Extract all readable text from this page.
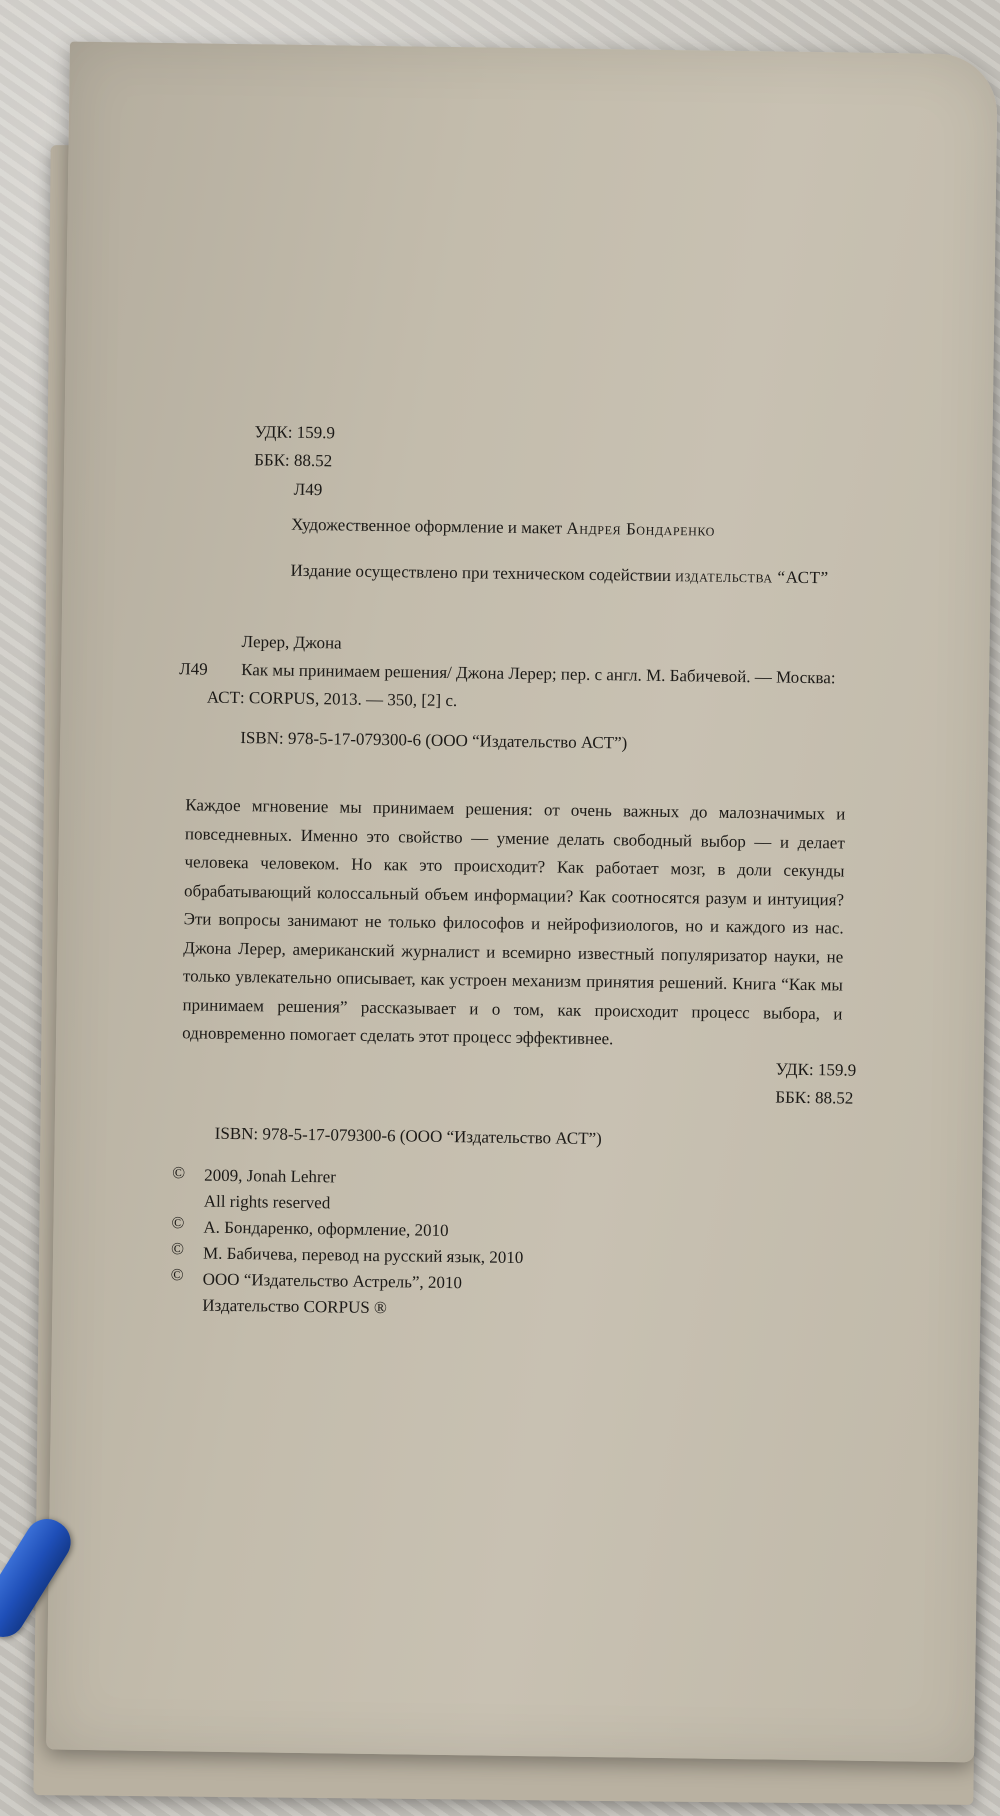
УДК: 159.9
ББК: 88.52
Л49
Художественное оформление и макет Андрея Бондаренко
Издание осуществлено при техническом содействии издательства “АСТ”
Лерер, Джона
Л49 Как мы принимаем решения/ Джона Лерер; пер. с англ. М. Бабичевой. — Москва:
АСТ: CORPUS, 2013. — 350, [2] с.
ISBN: 978-5-17-079300-6 (ООО “Издательство АСТ”)
Каждое мгновение мы принимаем решения: от очень важных до малозначимых и повседневных. Именно это свойство — умение делать свободный выбор — и делает человека человеком. Но как это происходит? Как работает мозг, в доли секунды обрабатывающий колоссальный объем информации? Как соотносятся разум и интуиция? Эти вопросы занимают не только философов и нейрофизиологов, но и каждого из нас. Джона Лерер, американский журналист и всемирно известный популяризатор науки, не только увлекательно описывает, как устроен механизм принятия решений. Книга “Как мы принимаем решения” рассказывает и о том, как происходит процесс выбора, и одновременно помогает сделать этот процесс эффективнее.
УДК: 159.9
ББК: 88.52
ISBN: 978-5-17-079300-6 (ООО “Издательство АСТ”)
© 2009, Jonah Lehrer
All rights reserved
© А. Бондаренко, оформление, 2010
© М. Бабичева, перевод на русский язык, 2010
© ООО “Издательство Астрель”, 2010
Издательство CORPUS ®
